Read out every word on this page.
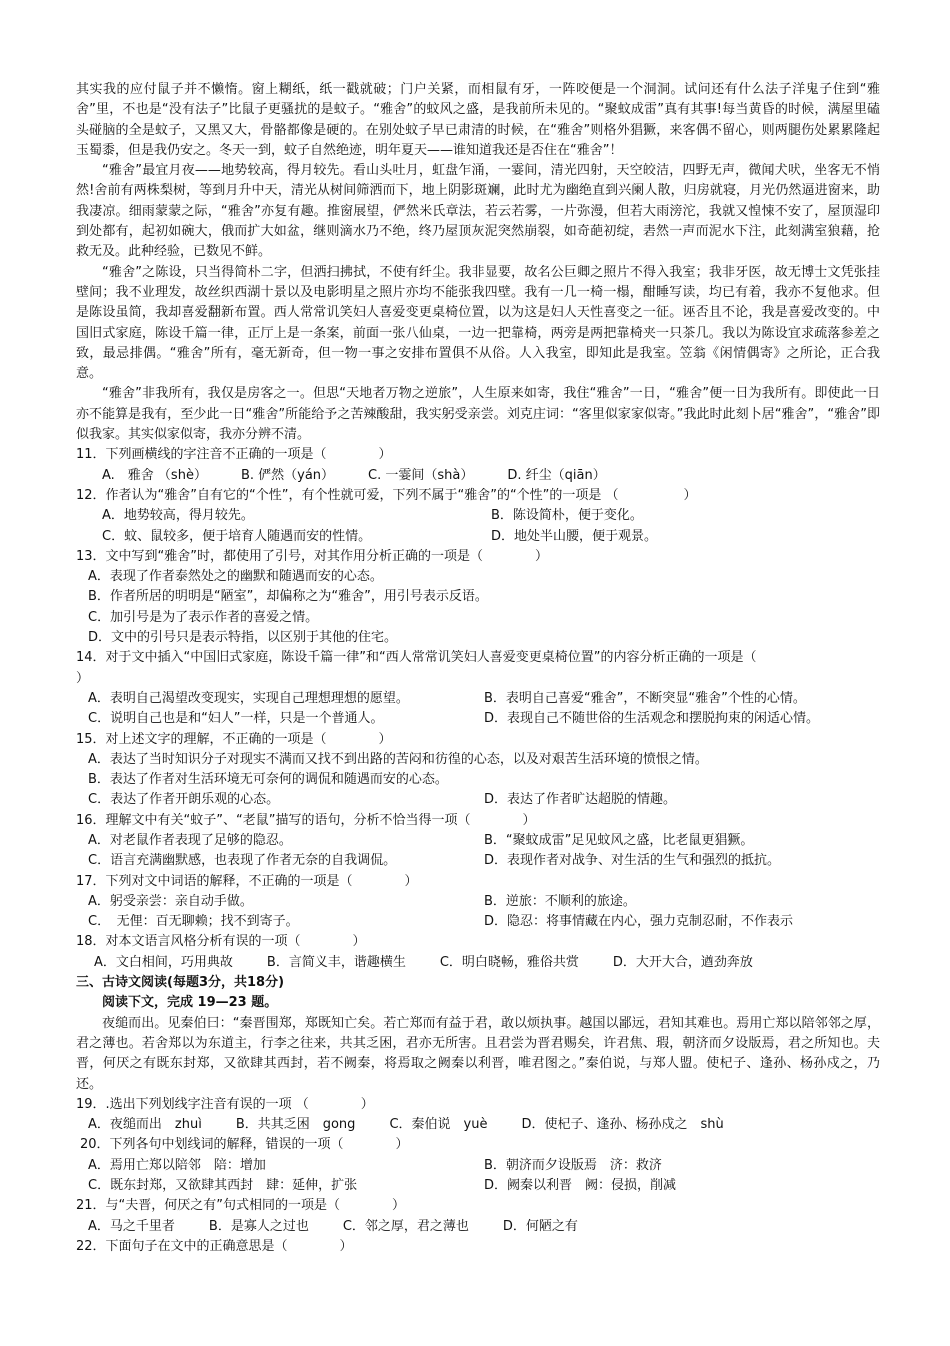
其实我的应付鼠子并不懒惰。窗上糊纸，纸一戳就破；门户关紧，而相鼠有牙，一阵咬便是一个洞洞。试问还有什么法子洋鬼子住到“雅舍”里，不也是“没有法子”比鼠子更骚扰的是蚊子。“雅舍”的蚊风之盛，是我前所未见的。“聚蚊成雷”真有其事!每当黄昏的时候，满屋里磕头碰脑的全是蚊子，又黑又大，骨骼都像是硬的。在别处蚊子早已肃清的时候，在“雅舍”则格外猖獗，来客偶不留心，则两腿伤处累累隆起玉蜀黍，但是我仍安之。冬天一到，蚊子自然绝迹，明年夏天——谁知道我还是否住在“雅舍”！

“雅舍”最宜月夜——地势较高，得月较先。看山头吐月，虹盘乍涌，一霎间，清光四射，天空皎洁，四野无声，微闻犬吠，坐客无不悄然!舍前有两株梨树，等到月升中天，清光从树间筛洒而下，地上阴影斑斓，此时尤为幽绝直到兴阑人散，归房就寝，月光仍然逼进窗来，助我凄凉。细雨蒙蒙之际，“雅舍”亦复有趣。推窗展望，俨然米氏章法，若云若雾，一片弥漫，但若大雨滂沱，我就又惶悚不安了，屋顶湿印到处都有，起初如碗大，俄而扩大如盆，继则滴水乃不绝，终乃屋顶灰泥突然崩裂，如奇葩初绽，砉然一声而泥水下注，此刻满室狼藉，抢救无及。此种经验，已数见不鲜。

“雅舍”之陈设，只当得简朴二字，但洒扫拂拭，不使有纤尘。我非显要，故名公巨卿之照片不得入我室；我非牙医，故无博士文凭张挂壁间；我不业理发，故丝织西湖十景以及电影明星之照片亦均不能张我四壁。我有一几一椅一榻，酣睡写读，均已有着，我亦不复他求。但是陈设虽简，我却喜爱翻新布置。西人常常讥笑妇人喜爱变更桌椅位置，以为这是妇人天性喜变之一征。诬否且不论，我是喜爱改变的。中国旧式家庭，陈设千篇一律，正厅上是一条案，前面一张八仙桌，一边一把靠椅，两旁是两把靠椅夹一只茶几。我以为陈设宜求疏落参差之致，最忌排偶。“雅舍”所有，毫无新奇，但一物一事之安排布置俱不从俗。人入我室，即知此是我室。笠翁《闲情偶寄》之所论，正合我意。

“雅舍”非我所有，我仅是房客之一。但思“天地者万物之逆旅”，人生原来如寄，我住“雅舍”一日，“雅舍”便一日为我所有。即使此一日亦不能算是我有，至少此一日“雅舍”所能给予之苦辣酸甜，我实躬受亲尝。刘克庄词：“客里似家家似寄。”我此时此刻卜居“雅舍”，“雅舍”即似我家。其实似家似寄，我亦分辨不清。

11．下列画横线的字注音不正确的一项是（　　　　）

A.　雅舍 （shè）	B. 俨然（yán）	C. 一霎间（shà）	D. 纤尘（qiān）

12．作者认为“雅舍”自有它的“个性”，有个性就可爱，下列不属于“雅舍”的“个性”的一项是 （　　　　　）

A．地势较高，得月较先。	B．陈设简朴，便于变化。
C．蚊、鼠较多，便于培育人随遇而安的性情。	D．地处半山腰，便于观景。

13．文中写到“雅舍”时，都使用了引号，对其作用分析正确的一项是（　　　　）

A．表现了作者泰然处之的幽默和随遇而安的心态。
B．作者所居的明明是“陋室”，却偏称之为“雅舍”，用引号表示反语。
C．加引号是为了表示作者的喜爱之情。
D．文中的引号只是表示特指，以区别于其他的住宅。

14．对于文中插入“中国旧式家庭，陈设千篇一律”和“西人常常讥笑妇人喜爱变更桌椅位置”的内容分析正确的一项是（

）

A．表明自己渴望改变现实，实现自己理想理想的愿望。	B．表明自己喜爱“雅舍”，不断突显“雅舍”个性的心情。
C．说明自己也是和“妇人”一样，只是一个普通人。	D．表现自己不随世俗的生活观念和摆脱拘束的闲适心情。

15．对上述文字的理解，不正确的一项是（　　　　）

A．表达了当时知识分子对现实不满而又找不到出路的苦闷和彷徨的心态，以及对艰苦生活环境的愤恨之情。
B．表达了作者对生活环境无可奈何的调侃和随遇而安的心态。
C．表达了作者开朗乐观的心态。	D．表达了作者旷达超脱的情趣。

16．理解文中有关“蚊子”、“老鼠”描写的语句，分析不恰当得一项（　　　　）

A．对老鼠作者表现了足够的隐忍。	B．“聚蚊成雷”足见蚊风之盛，比老鼠更猖獗。
C．语言充满幽默感，也表现了作者无奈的自我调侃。	D．表现作者对战争、对生活的生气和强烈的抵抗。

17．下列对文中词语的解释，不正确的一项是（　　　　）

A．躬受亲尝：亲自动手做。	B．逆旅：不顺利的旅途。
C．　无俚：百无聊赖；找不到寄子。	D．隐忍：将事情藏在内心，强力克制忍耐，不作表示

18．对本文语言风格分析有误的一项（　　　　）

A．文白相间，巧用典故	B．言简义丰，谐趣横生	C．明白晓畅，雅俗共赏	D．大开大合，遒劲奔放

三、古诗文阅读(每题3分，共18分)

阅读下文，完成 19—23 题。

夜缒而出。见秦伯曰：“秦晋围郑，郑既知亡矣。若亡郑而有益于君，敢以烦执事。越国以鄙远，君知其难也。焉用亡郑以陪邻邻之厚，君之薄也。若舍郑以为东道主，行李之往来，共其乏困，君亦无所害。且君尝为晋君赐矣，许君焦、瑕，朝济而夕设版焉，君之所知也。夫晋，何厌之有既东封郑，又欲肆其西封，若不阙秦，将焉取之阙秦以利晋，唯君图之。”秦伯说，与郑人盟。使杞子、逢孙、杨孙戍之，乃还。

19．.选出下列划线字注音有误的一项 （　　　　）

A．夜缒而出　zhuì	B．共其乏困　gong	C．秦伯说　yuè	D．使杞子、逢孙、杨孙戍之　shù

20．下列各句中划线词的解释，错误的一项（　　　　）

A．焉用亡郑以陪邻　陪：增加	B．朝济而夕设版焉　济：救济
C．既东封郑，又欲肆其西封　肆：延伸，扩张	D．阙秦以利晋　阙：侵损，削减

21．与“夫晋，何厌之有”句式相同的一项是（　　　　）

A．马之千里者	B．是寡人之过也	C．邻之厚，君之薄也	D．何陋之有

22．下面句子在文中的正确意思是（　　　　）
